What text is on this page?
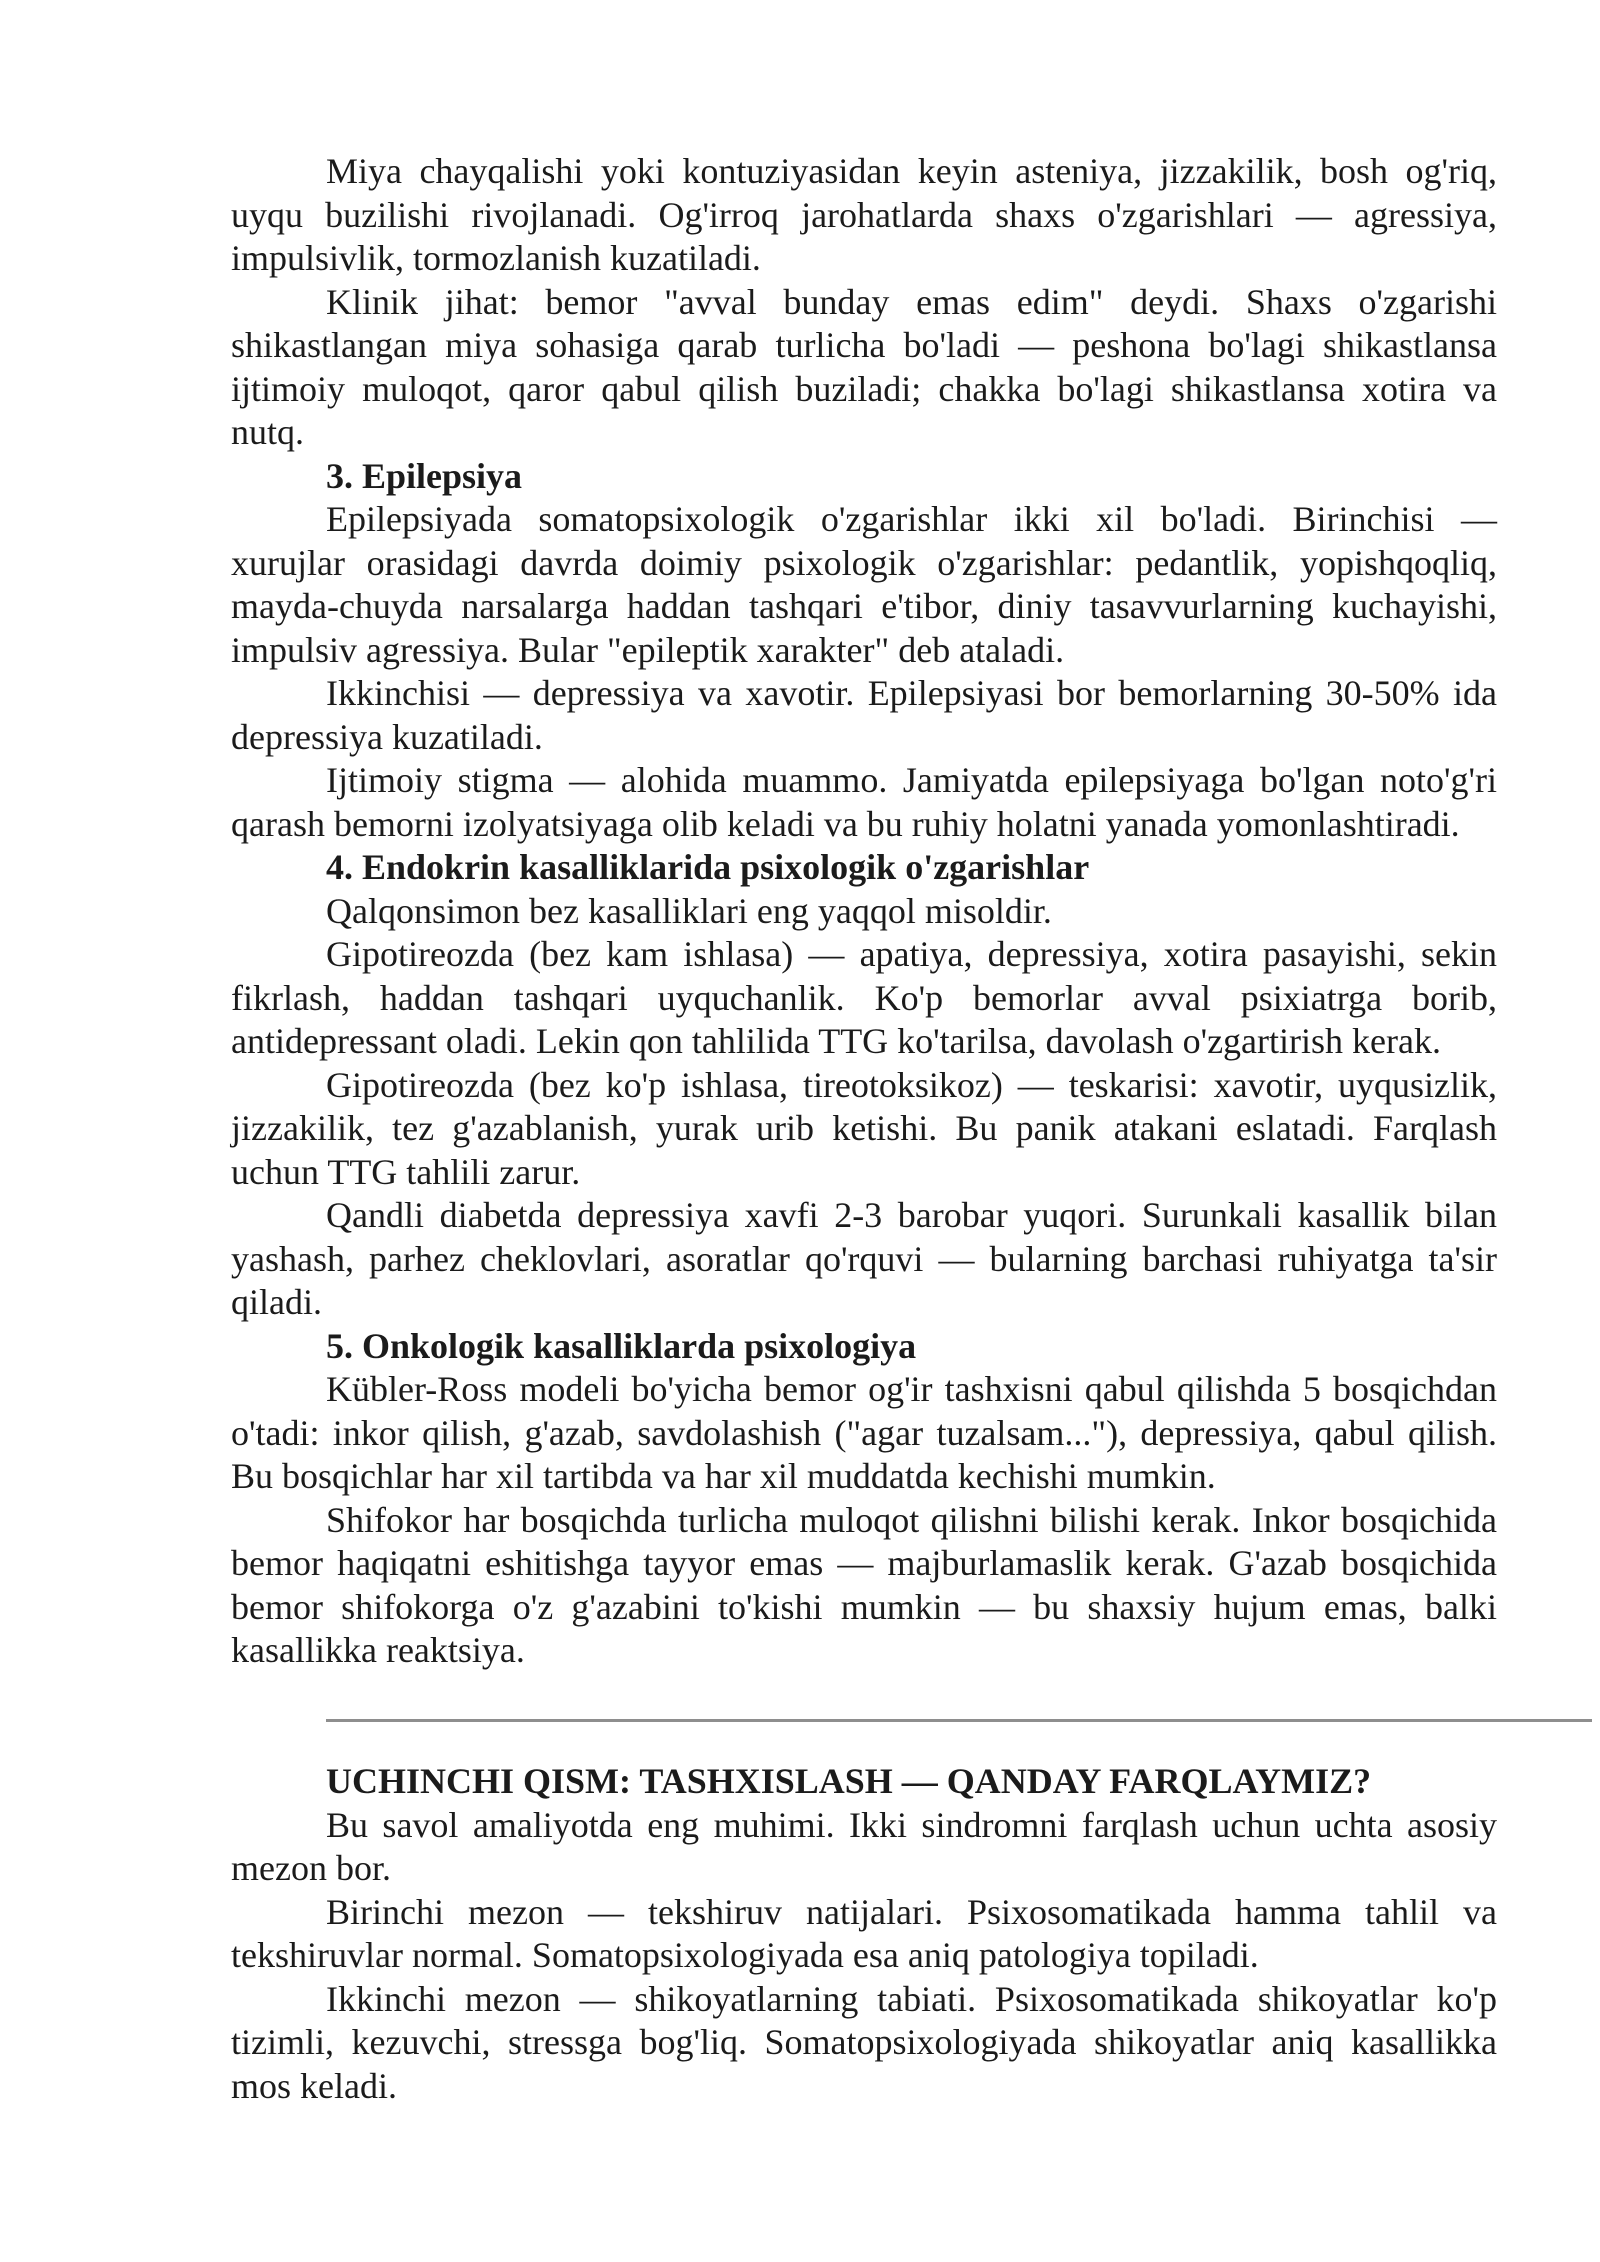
Miya chayqalishi yoki kontuziyasidan keyin asteniya, jizzakilik, bosh og'riq, uyqu buzilishi rivojlanadi. Og'irroq jarohatlarda shaxs o'zgarishlari — agressiya, impulsivlik, tormozlanish kuzatiladi.

Klinik jihat: bemor "avval bunday emas edim" deydi. Shaxs o'zgarishi shikastlangan miya sohasiga qarab turlicha bo'ladi — peshona bo'lagi shikastlansa ijtimoiy muloqot, qaror qabul qilish buziladi; chakka bo'lagi shikastlansa xotira va nutq.

3. Epilepsiya

Epilepsiyada somatopsixologik o'zgarishlar ikki xil bo'ladi. Birinchisi — xurujlar orasidagi davrda doimiy psixologik o'zgarishlar: pedantlik, yopishqoqliq, mayda-chuyda narsalarga haddan tashqari e'tibor, diniy tasavvurlarning kuchayishi, impulsiv agressiya. Bular "epileptik xarakter" deb ataladi.

Ikkinchisi — depressiya va xavotir. Epilepsiyasi bor bemorlarning 30-50% ida depressiya kuzatiladi.

Ijtimoiy stigma — alohida muammo. Jamiyatda epilepsiyaga bo'lgan noto'g'ri qarash bemorni izolyatsiyaga olib keladi va bu ruhiy holatni yanada yomonlashtiradi.

4. Endokrin kasalliklarida psixologik o'zgarishlar

Qalqonsimon bez kasalliklari eng yaqqol misoldir.

Gipotireozda (bez kam ishlasa) — apatiya, depressiya, xotira pasayishi, sekin fikrlash, haddan tashqari uyquchanlik. Ko'p bemorlar avval psixiatrga borib, antidepressant oladi. Lekin qon tahlilida TTG ko'tarilsa, davolash o'zgartirish kerak.

Gipotireozda (bez ko'p ishlasa, tireotoksikoz) — teskarisi: xavotir, uyqusizlik, jizzakilik, tez g'azablanish, yurak urib ketishi. Bu panik atakani eslatadi. Farqlash uchun TTG tahlili zarur.

Qandli diabetda depressiya xavfi 2-3 barobar yuqori. Surunkali kasallik bilan yashash, parhez cheklovlari, asoratlar qo'rquvi — bularning barchasi ruhiyatga ta'sir qiladi.

5. Onkologik kasalliklarda psixologiya

Kübler-Ross modeli bo'yicha bemor og'ir tashxisni qabul qilishda 5 bosqichdan o'tadi: inkor qilish, g'azab, savdolashish ("agar tuzalsam..."), depressiya, qabul qilish. Bu bosqichlar har xil tartibda va har xil muddatda kechishi mumkin.

Shifokor har bosqichda turlicha muloqot qilishni bilishi kerak. Inkor bosqichida bemor haqiqatni eshitishga tayyor emas — majburlamaslik kerak. G'azab bosqichida bemor shifokorga o'z g'azabini to'kishi mumkin — bu shaxsiy hujum emas, balki kasallikka reaktsiya.

UCHINCHI QISM: TASHXISLASH — QANDAY FARQLAYMIZ?

Bu savol amaliyotda eng muhimi. Ikki sindromni farqlash uchun uchta asosiy mezon bor.

Birinchi mezon — tekshiruv natijalari. Psixosomatikada hamma tahlil va tekshiruvlar normal. Somatopsixologiyada esa aniq patologiya topiladi.

Ikkinchi mezon — shikoyatlarning tabiati. Psixosomatikada shikoyatlar ko'p tizimli, kezuvchi, stressga bog'liq. Somatopsixologiyada shikoyatlar aniq kasallikka mos keladi.
